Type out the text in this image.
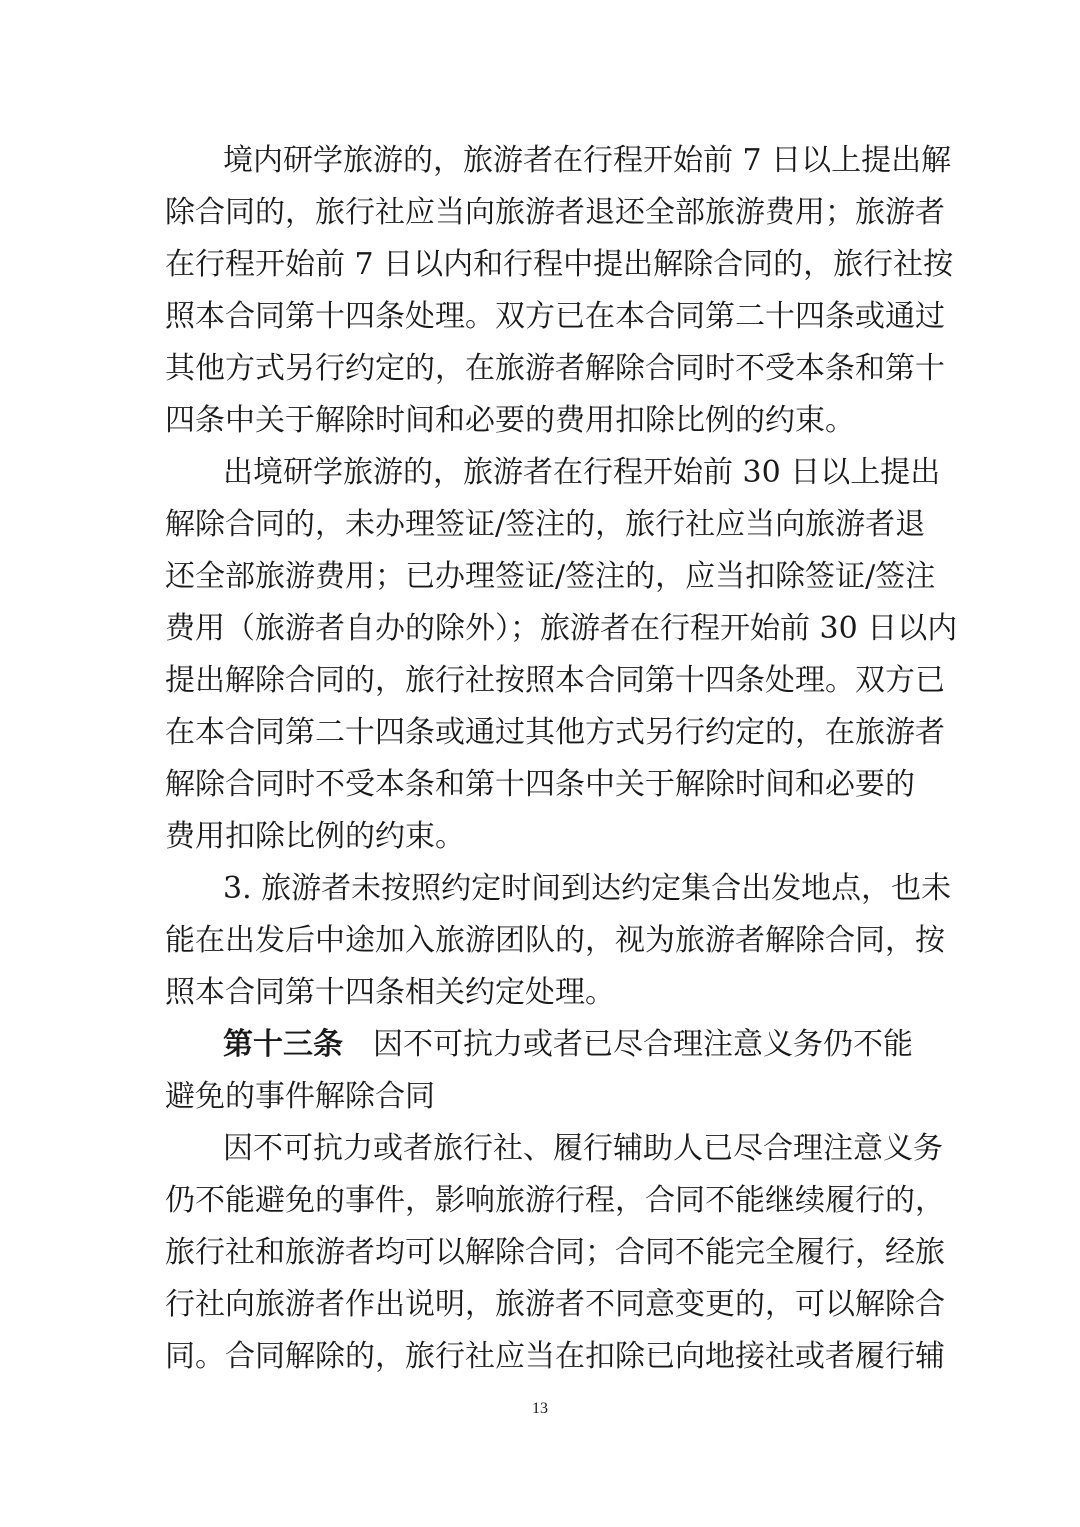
境内研学旅游的，旅游者在行程开始前 7 日以上提出解
除合同的，旅行社应当向旅游者退还全部旅游费用；旅游者
在行程开始前 7 日以内和行程中提出解除合同的，旅行社按
照本合同第十四条处理。双方已在本合同第二十四条或通过
其他方式另行约定的，在旅游者解除合同时不受本条和第十
四条中关于解除时间和必要的费用扣除比例的约束。
出境研学旅游的，旅游者在行程开始前 30 日以上提出
解除合同的，未办理签证/签注的，旅行社应当向旅游者退
还全部旅游费用；已办理签证/签注的，应当扣除签证/签注
费用（旅游者自办的除外）；旅游者在行程开始前 30 日以内
提出解除合同的，旅行社按照本合同第十四条处理。双方已
在本合同第二十四条或通过其他方式另行约定的，在旅游者
解除合同时不受本条和第十四条中关于解除时间和必要的
费用扣除比例的约束。
3. 旅游者未按照约定时间到达约定集合出发地点，也未
能在出发后中途加入旅游团队的，视为旅游者解除合同，按
照本合同第十四条相关约定处理。
第十三条 因不可抗力或者已尽合理注意义务仍不能
避免的事件解除合同
因不可抗力或者旅行社、履行辅助人已尽合理注意义务
仍不能避免的事件，影响旅游行程，合同不能继续履行的，
旅行社和旅游者均可以解除合同；合同不能完全履行，经旅
行社向旅游者作出说明，旅游者不同意变更的，可以解除合
同。合同解除的，旅行社应当在扣除已向地接社或者履行辅
13
